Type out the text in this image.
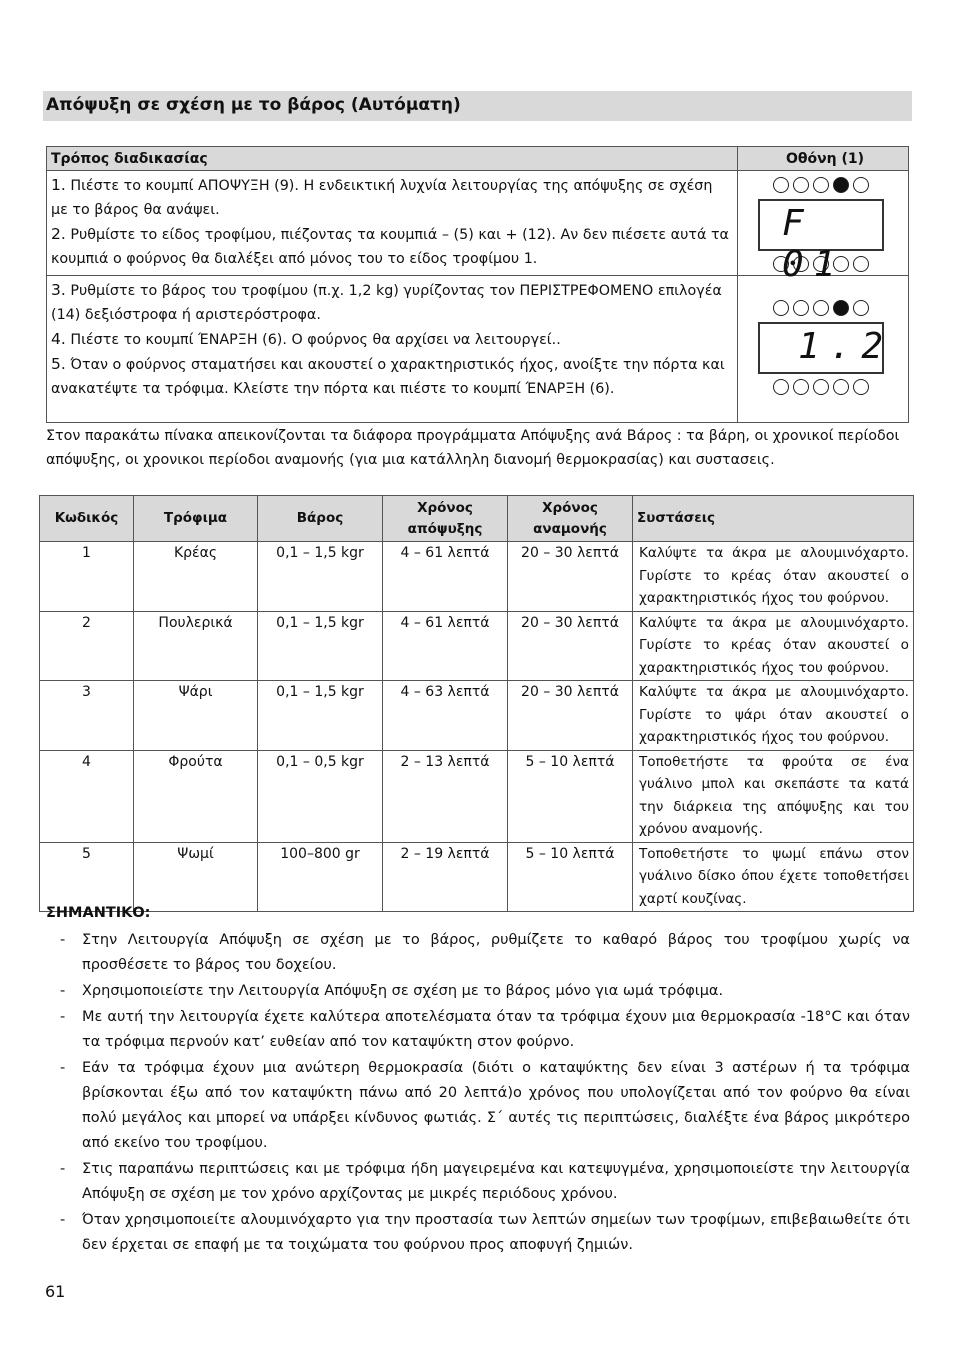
Απόψυξη σε σχέση με το βάρος (Αυτόματη)
Τρόπος διαδικασίας	Οθόνη (1)

1. Πιέστε το κουμπί ΑΠΟΨΥΞΗ (9). Η ενδεικτική λυχνία λειτουργίας της απόψυξης σε σχέση με το βάρος θα ανάψει.
2. Ρυθμίστε το είδος τροφίμου, πιέζοντας τα κουμπιά – (5) και + (12). Αν δεν πιέσετε αυτά τα κουμπιά ο φούρνος θα διαλέξει από μόνος του το είδος τροφίμου 1.	F 01

3. Ρυθμίστε το βάρος του τροφίμου (π.χ. 1,2 kg) γυρίζοντας τον ΠΕΡΙΣΤΡΕΦΟΜΕΝΟ επιλογέα (14) δεξιόστροφα ή αριστερόστροφα.
4. Πιέστε το κουμπί ΈΝΑΡΞΗ (6). Ο φούρνος θα αρχίσει να λειτουργεί..
5. Όταν ο φούρνος σταματήσει και ακουστεί ο χαρακτηριστικός ήχος, ανοίξτε την πόρτα και ανακατέψτε τα τρόφιμα. Κλείστε την πόρτα και πιέστε το κουμπί ΈΝΑΡΞΗ (6).	1.2
Στον παρακάτω πίνακα απεικονίζονται τα διάφορα προγράμματα Απόψυξης ανά Βάρος : τα βάρη, οι χρονικοί περίοδοι απόψυξης, οι χρονικοι περίοδοι αναμονής (για μια κατάλληλη διανομή θερμοκρασίας) και συστασεις.
Κωδικός	Τρόφιμα	Βάρος	Χρόνος απόψυξης	Χρόνος αναμονής	Συστάσεις
1	Κρέας	0,1 – 1,5 kgr	4 – 61 λεπτά	20 – 30 λεπτά	Καλύψτε τα άκρα με αλουμινόχαρτο. Γυρίστε το κρέας όταν ακουστεί ο χαρακτηριστικός ήχος του φούρνου.
2	Πουλερικά	0,1 – 1,5 kgr	4 – 61 λεπτά	20 – 30 λεπτά	Καλύψτε τα άκρα με αλουμινόχαρτο. Γυρίστε το κρέας όταν ακουστεί ο χαρακτηριστικός ήχος του φούρνου.
3	Ψάρι	0,1 – 1,5 kgr	4 – 63 λεπτά	20 – 30 λεπτά	Καλύψτε τα άκρα με αλουμινόχαρτο. Γυρίστε το ψάρι όταν ακουστεί ο χαρακτηριστικός ήχος του φούρνου.
4	Φρούτα	0,1 – 0,5 kgr	2 – 13 λεπτά	5 – 10 λεπτά	Τοποθετήστε τα φρούτα σε ένα γυάλινο μπολ και σκεπάστε τα κατά την διάρκεια της απόψυξης και του χρόνου αναμονής.
5	Ψωμί	100–800 gr	2 – 19 λεπτά	5 – 10 λεπτά	Τοποθετήστε το ψωμί επάνω στον γυάλινο δίσκο όπου έχετε τοποθετήσει χαρτί κουζίνας.
ΣΗΜΑΝΤΙΚΟ:
- Στην Λειτουργία Απόψυξη σε σχέση με το βάρος, ρυθμίζετε το καθαρό βάρος του τροφίμου χωρίς να προσθέσετε το βάρος του δοχείου.
- Χρησιμοποιείστε την Λειτουργία Απόψυξη σε σχέση με το βάρος μόνο για ωμά τρόφιμα.
- Με αυτή την λειτουργία έχετε καλύτερα αποτελέσματα όταν τα τρόφιμα έχουν μια θερμοκρασία -18°C και όταν τα τρόφιμα περνούν κατ’ ευθείαν από τον καταψύκτη στον φούρνο.
- Εάν τα τρόφιμα έχουν μια ανώτερη θερμοκρασία (διότι ο καταψύκτης δεν είναι 3 αστέρων ή τα τρόφιμα βρίσκονται έξω από τον καταψύκτη πάνω από 20 λεπτά)ο χρόνος που υπολογίζεται από τον φούρνο θα είναι πολύ μεγάλος και μπορεί να υπάρξει κίνδυνος φωτιάς. Σ΄ αυτές τις περιπτώσεις, διαλέξτε ένα βάρος μικρότερο από εκείνο του τροφίμου.
- Στις παραπάνω περιπτώσεις και με τρόφιμα ήδη μαγειρεμένα και κατεψυγμένα, χρησιμοποιείστε την λειτουργία Απόψυξη σε σχέση με τον χρόνο αρχίζοντας με μικρές περιόδους χρόνου.
- Όταν χρησιμοποιείτε αλουμινόχαρτο για την προστασία των λεπτών σημείων των τροφίμων, επιβεβαιωθείτε ότι δεν έρχεται σε επαφή με τα τοιχώματα του φούρνου προς αποφυγή ζημιών.
61
